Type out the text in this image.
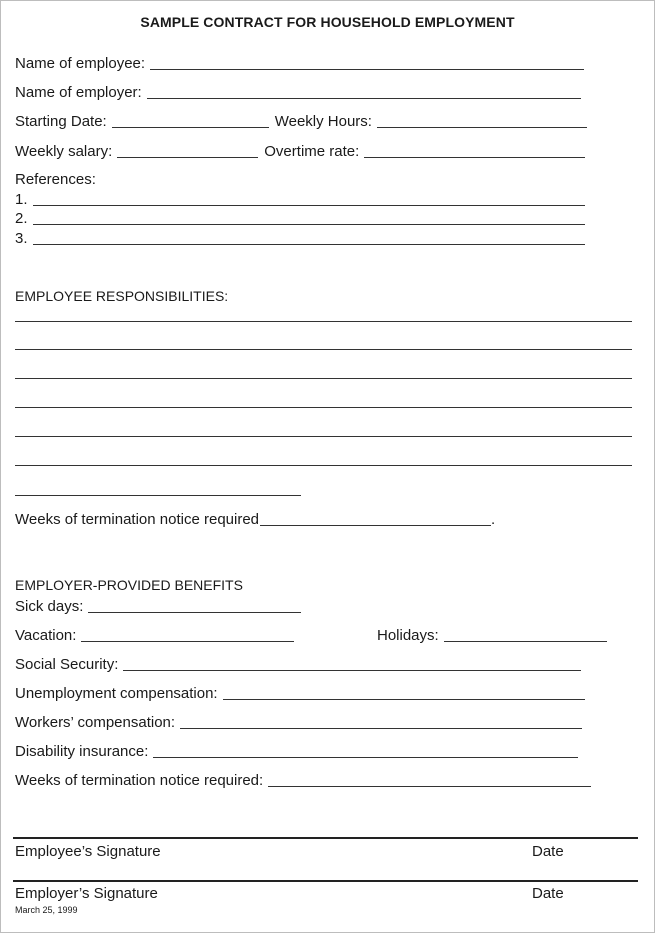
SAMPLE CONTRACT FOR HOUSEHOLD EMPLOYMENT
Name of employee:
Name of employer:
Starting Date:	Weekly Hours:
Weekly salary:	Overtime rate:
References:
1.
2.
3.
EMPLOYEE RESPONSIBILITIES:
Weeks of termination notice required	.
EMPLOYER-PROVIDED BENEFITS
Sick days:
Vacation:	Holidays:
Social Security:
Unemployment compensation:
Workers’ compensation:
Disability insurance:
Weeks of termination notice required:
Employee’s Signature	Date
Employer’s Signature	Date
March 25, 1999
